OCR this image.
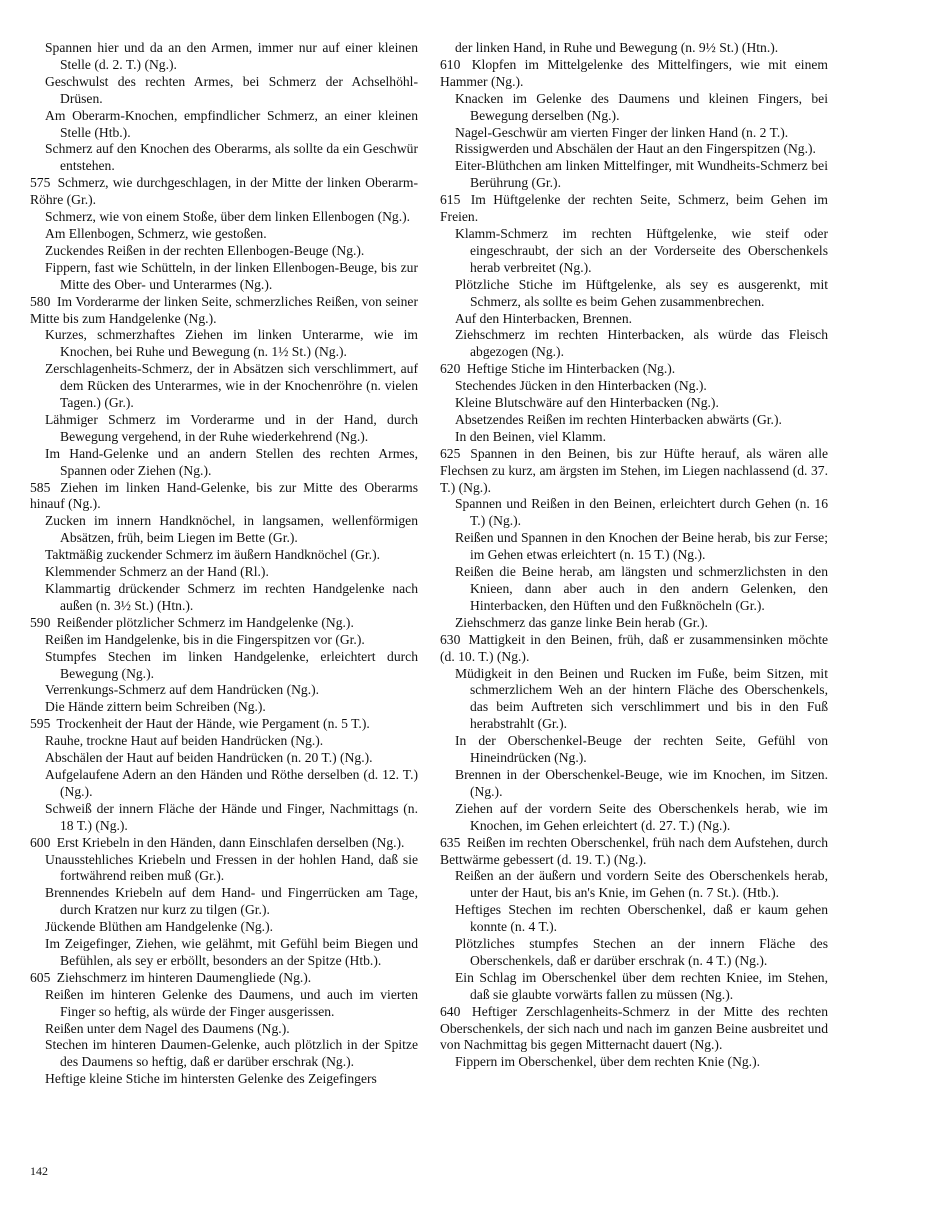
Spannen hier und da an den Armen, immer nur auf einer kleinen Stelle (d. 2. T.) (Ng.).
Geschwulst des rechten Armes, bei Schmerz der Achselhöhl-Drüsen.
Am Oberarm-Knochen, empfindlicher Schmerz, an einer kleinen Stelle (Htb.).
Schmerz auf den Knochen des Oberarms, als sollte da ein Geschwür entstehen.
575 Schmerz, wie durchgeschlagen, in der Mitte der linken Oberarm-Röhre (Gr.).
Schmerz, wie von einem Stoße, über dem linken Ellenbogen (Ng.).
Am Ellenbogen, Schmerz, wie gestoßen.
Zuckendes Reißen in der rechten Ellenbogen-Beuge (Ng.).
Fippern, fast wie Schütteln, in der linken Ellenbogen-Beuge, bis zur Mitte des Ober- und Unterarmes (Ng.).
580 Im Vorderarme der linken Seite, schmerzliches Reißen, von seiner Mitte bis zum Handgelenke (Ng.).
Kurzes, schmerzhaftes Ziehen im linken Unterarme, wie im Knochen, bei Ruhe und Bewegung (n. 1½ St.) (Ng.).
Zerschlagenheits-Schmerz, der in Absätzen sich verschlimmert, auf dem Rücken des Unterarmes, wie in der Knochenröhre (n. vielen Tagen.) (Gr.).
Lähmiger Schmerz im Vorderarme und in der Hand, durch Bewegung vergehend, in der Ruhe wiederkehrend (Ng.).
Im Hand-Gelenke und an andern Stellen des rechten Armes, Spannen oder Ziehen (Ng.).
585 Ziehen im linken Hand-Gelenke, bis zur Mitte des Oberarms hinauf (Ng.).
Zucken im innern Handknöchel, in langsamen, wellenförmigen Absätzen, früh, beim Liegen im Bette (Gr.).
Taktmäßig zuckender Schmerz im äußern Handknöchel (Gr.).
Klemmender Schmerz an der Hand (Rl.).
Klammartig drückender Schmerz im rechten Handgelenke nach außen (n. 3½ St.) (Htn.).
590 Reißender plötzlicher Schmerz im Handgelenke (Ng.).
Reißen im Handgelenke, bis in die Fingerspitzen vor (Gr.).
Stumpfes Stechen im linken Handgelenke, erleichtert durch Bewegung (Ng.).
Verrenkungs-Schmerz auf dem Handrücken (Ng.).
Die Hände zittern beim Schreiben (Ng.).
595 Trockenheit der Haut der Hände, wie Pergament (n. 5 T.).
Rauhe, trockne Haut auf beiden Handrücken (Ng.).
Abschälen der Haut auf beiden Handrücken (n. 20 T.) (Ng.).
Aufgelaufene Adern an den Händen und Röthe derselben (d. 12. T.) (Ng.).
Schweiß der innern Fläche der Hände und Finger, Nachmittags (n. 18 T.) (Ng.).
600 Erst Kriebeln in den Händen, dann Einschlafen derselben (Ng.).
Unausstehliches Kriebeln und Fressen in der hohlen Hand, daß sie fortwährend reiben muß (Gr.).
Brennendes Kriebeln auf dem Hand- und Fingerrücken am Tage, durch Kratzen nur kurz zu tilgen (Gr.).
Jückende Blüthen am Handgelenke (Ng.).
Im Zeigefinger, Ziehen, wie gelähmt, mit Gefühl beim Biegen und Befühlen, als sey er erböllt, besonders an der Spitze (Htb.).
605 Ziehschmerz im hinteren Daumengliede (Ng.).
Reißen im hinteren Gelenke des Daumens, und auch im vierten Finger so heftig, als würde der Finger ausgerissen.
Reißen unter dem Nagel des Daumens (Ng.).
Stechen im hinteren Daumen-Gelenke, auch plötzlich in der Spitze des Daumens so heftig, daß er darüber erschrak (Ng.).
Heftige kleine Stiche im hintersten Gelenke des Zeigefingers
der linken Hand, in Ruhe und Bewegung (n. 9½ St.) (Htn.).
610 Klopfen im Mittelgelenke des Mittelfingers, wie mit einem Hammer (Ng.).
Knacken im Gelenke des Daumens und kleinen Fingers, bei Bewegung derselben (Ng.).
Nagel-Geschwür am vierten Finger der linken Hand (n. 2 T.).
Rissigwerden und Abschälen der Haut an den Fingerspitzen (Ng.).
Eiter-Blüthchen am linken Mittelfinger, mit Wundheits-Schmerz bei Berührung (Gr.).
615 Im Hüftgelenke der rechten Seite, Schmerz, beim Gehen im Freien.
Klamm-Schmerz im rechten Hüftgelenke, wie steif oder eingeschraubt, der sich an der Vorderseite des Oberschenkels herab verbreitet (Ng.).
Plötzliche Stiche im Hüftgelenke, als sey es ausgerenkt, mit Schmerz, als sollte es beim Gehen zusammenbrechen.
Auf den Hinterbacken, Brennen.
Ziehschmerz im rechten Hinterbacken, als würde das Fleisch abgezogen (Ng.).
620 Heftige Stiche im Hinterbacken (Ng.).
Stechendes Jücken in den Hinterbacken (Ng.).
Kleine Blutschwäre auf den Hinterbacken (Ng.).
Absetzendes Reißen im rechten Hinterbacken abwärts (Gr.).
In den Beinen, viel Klamm.
625 Spannen in den Beinen, bis zur Hüfte herauf, als wären alle Flechsen zu kurz, am ärgsten im Stehen, im Liegen nachlassend (d. 37. T.) (Ng.).
Spannen und Reißen in den Beinen, erleichtert durch Gehen (n. 16 T.) (Ng.).
Reißen und Spannen in den Knochen der Beine herab, bis zur Ferse; im Gehen etwas erleichtert (n. 15 T.) (Ng.).
Reißen die Beine herab, am längsten und schmerzlichsten in den Knieen, dann aber auch in den andern Gelenken, den Hinterbacken, den Hüften und den Fußknöcheln (Gr.).
Ziehschmerz das ganze linke Bein herab (Gr.).
630 Mattigkeit in den Beinen, früh, daß er zusammensinken möchte (d. 10. T.) (Ng.).
Müdigkeit in den Beinen und Rucken im Fuße, beim Sitzen, mit schmerzlichem Weh an der hintern Fläche des Oberschenkels, das beim Auftreten sich verschlimmert und bis in den Fuß herabstrahlt (Gr.).
In der Oberschenkel-Beuge der rechten Seite, Gefühl von Hineindrücken (Ng.).
Brennen in der Oberschenkel-Beuge, wie im Knochen, im Sitzen. (Ng.).
Ziehen auf der vordern Seite des Oberschenkels herab, wie im Knochen, im Gehen erleichtert (d. 27. T.) (Ng.).
635 Reißen im rechten Oberschenkel, früh nach dem Aufstehen, durch Bettwärme gebessert (d. 19. T.) (Ng.).
Reißen an der äußern und vordern Seite des Oberschenkels herab, unter der Haut, bis an's Knie, im Gehen (n. 7 St.). (Htb.).
Heftiges Stechen im rechten Oberschenkel, daß er kaum gehen konnte (n. 4 T.).
Plötzliches stumpfes Stechen an der innern Fläche des Oberschenkels, daß er darüber erschrak (n. 4 T.) (Ng.).
Ein Schlag im Oberschenkel über dem rechten Kniee, im Stehen, daß sie glaubte vorwärts fallen zu müssen (Ng.).
640 Heftiger Zerschlagenheits-Schmerz in der Mitte des rechten Oberschenkels, der sich nach und nach im ganzen Beine ausbreitet und von Nachmittag bis gegen Mitternacht dauert (Ng.).
Fippern im Oberschenkel, über dem rechten Knie (Ng.).
142
